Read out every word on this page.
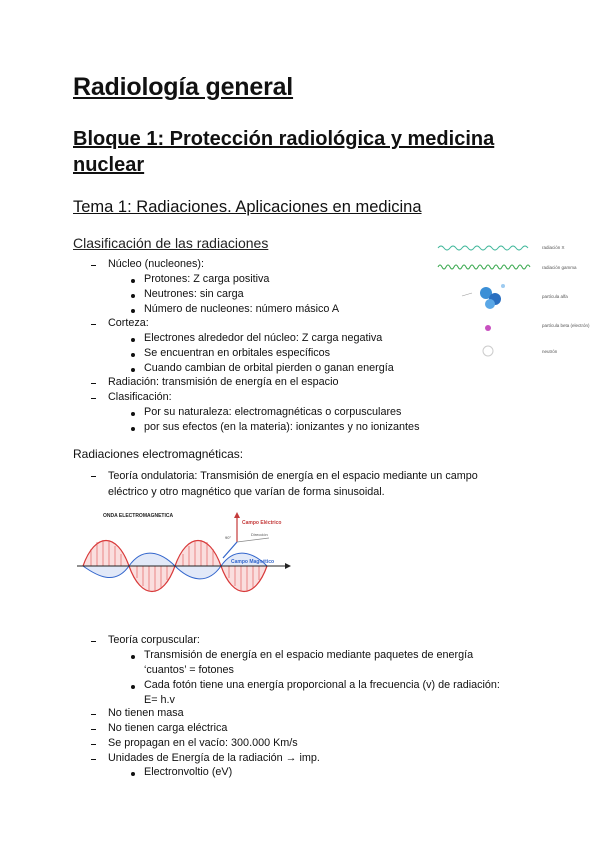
Radiología general
Bloque 1: Protección radiológica y medicina nuclear
Tema 1: Radiaciones. Aplicaciones en medicina
Clasificación de las radiaciones
Núcleo (nucleones):
Protones: Z carga positiva
Neutrones: sin carga
Número de nucleones: número másico A
Corteza:
Electrones alrededor del núcleo: Z carga negativa
Se encuentran en orbitales específicos
Cuando cambian de orbital pierden o ganan energía
Radiación: transmisión de energía en el espacio
Clasificación:
Por su naturaleza: electromagnéticas o corpusculares
por sus efectos (en la materia): ionizantes y no ionizantes
radiación X
radiación gamma
partícula alfa
partícula beta (electrón)
neutrón
Radiaciones electromagnéticas:
Teoría ondulatoria: Transmisión de energía en el espacio mediante un campo eléctrico y otro magnético que varían de forma sinusoidal.
ONDA ELECTROMAGNETICA
Campo Eléctrico
90°
Dirección
Campo Magnético
Teoría corpuscular:
Transmisión de energía en el espacio mediante paquetes de energía ‘cuantos’ = fotones
Cada fotón tiene una energía proporcional a la frecuencia (v) de radiación: E= h.v
No tienen masa
No tienen carga eléctrica
Se propagan en el vacío: 300.000 Km/s
Unidades de Energía de la radiación → imp.
Electronvoltio (eV)
